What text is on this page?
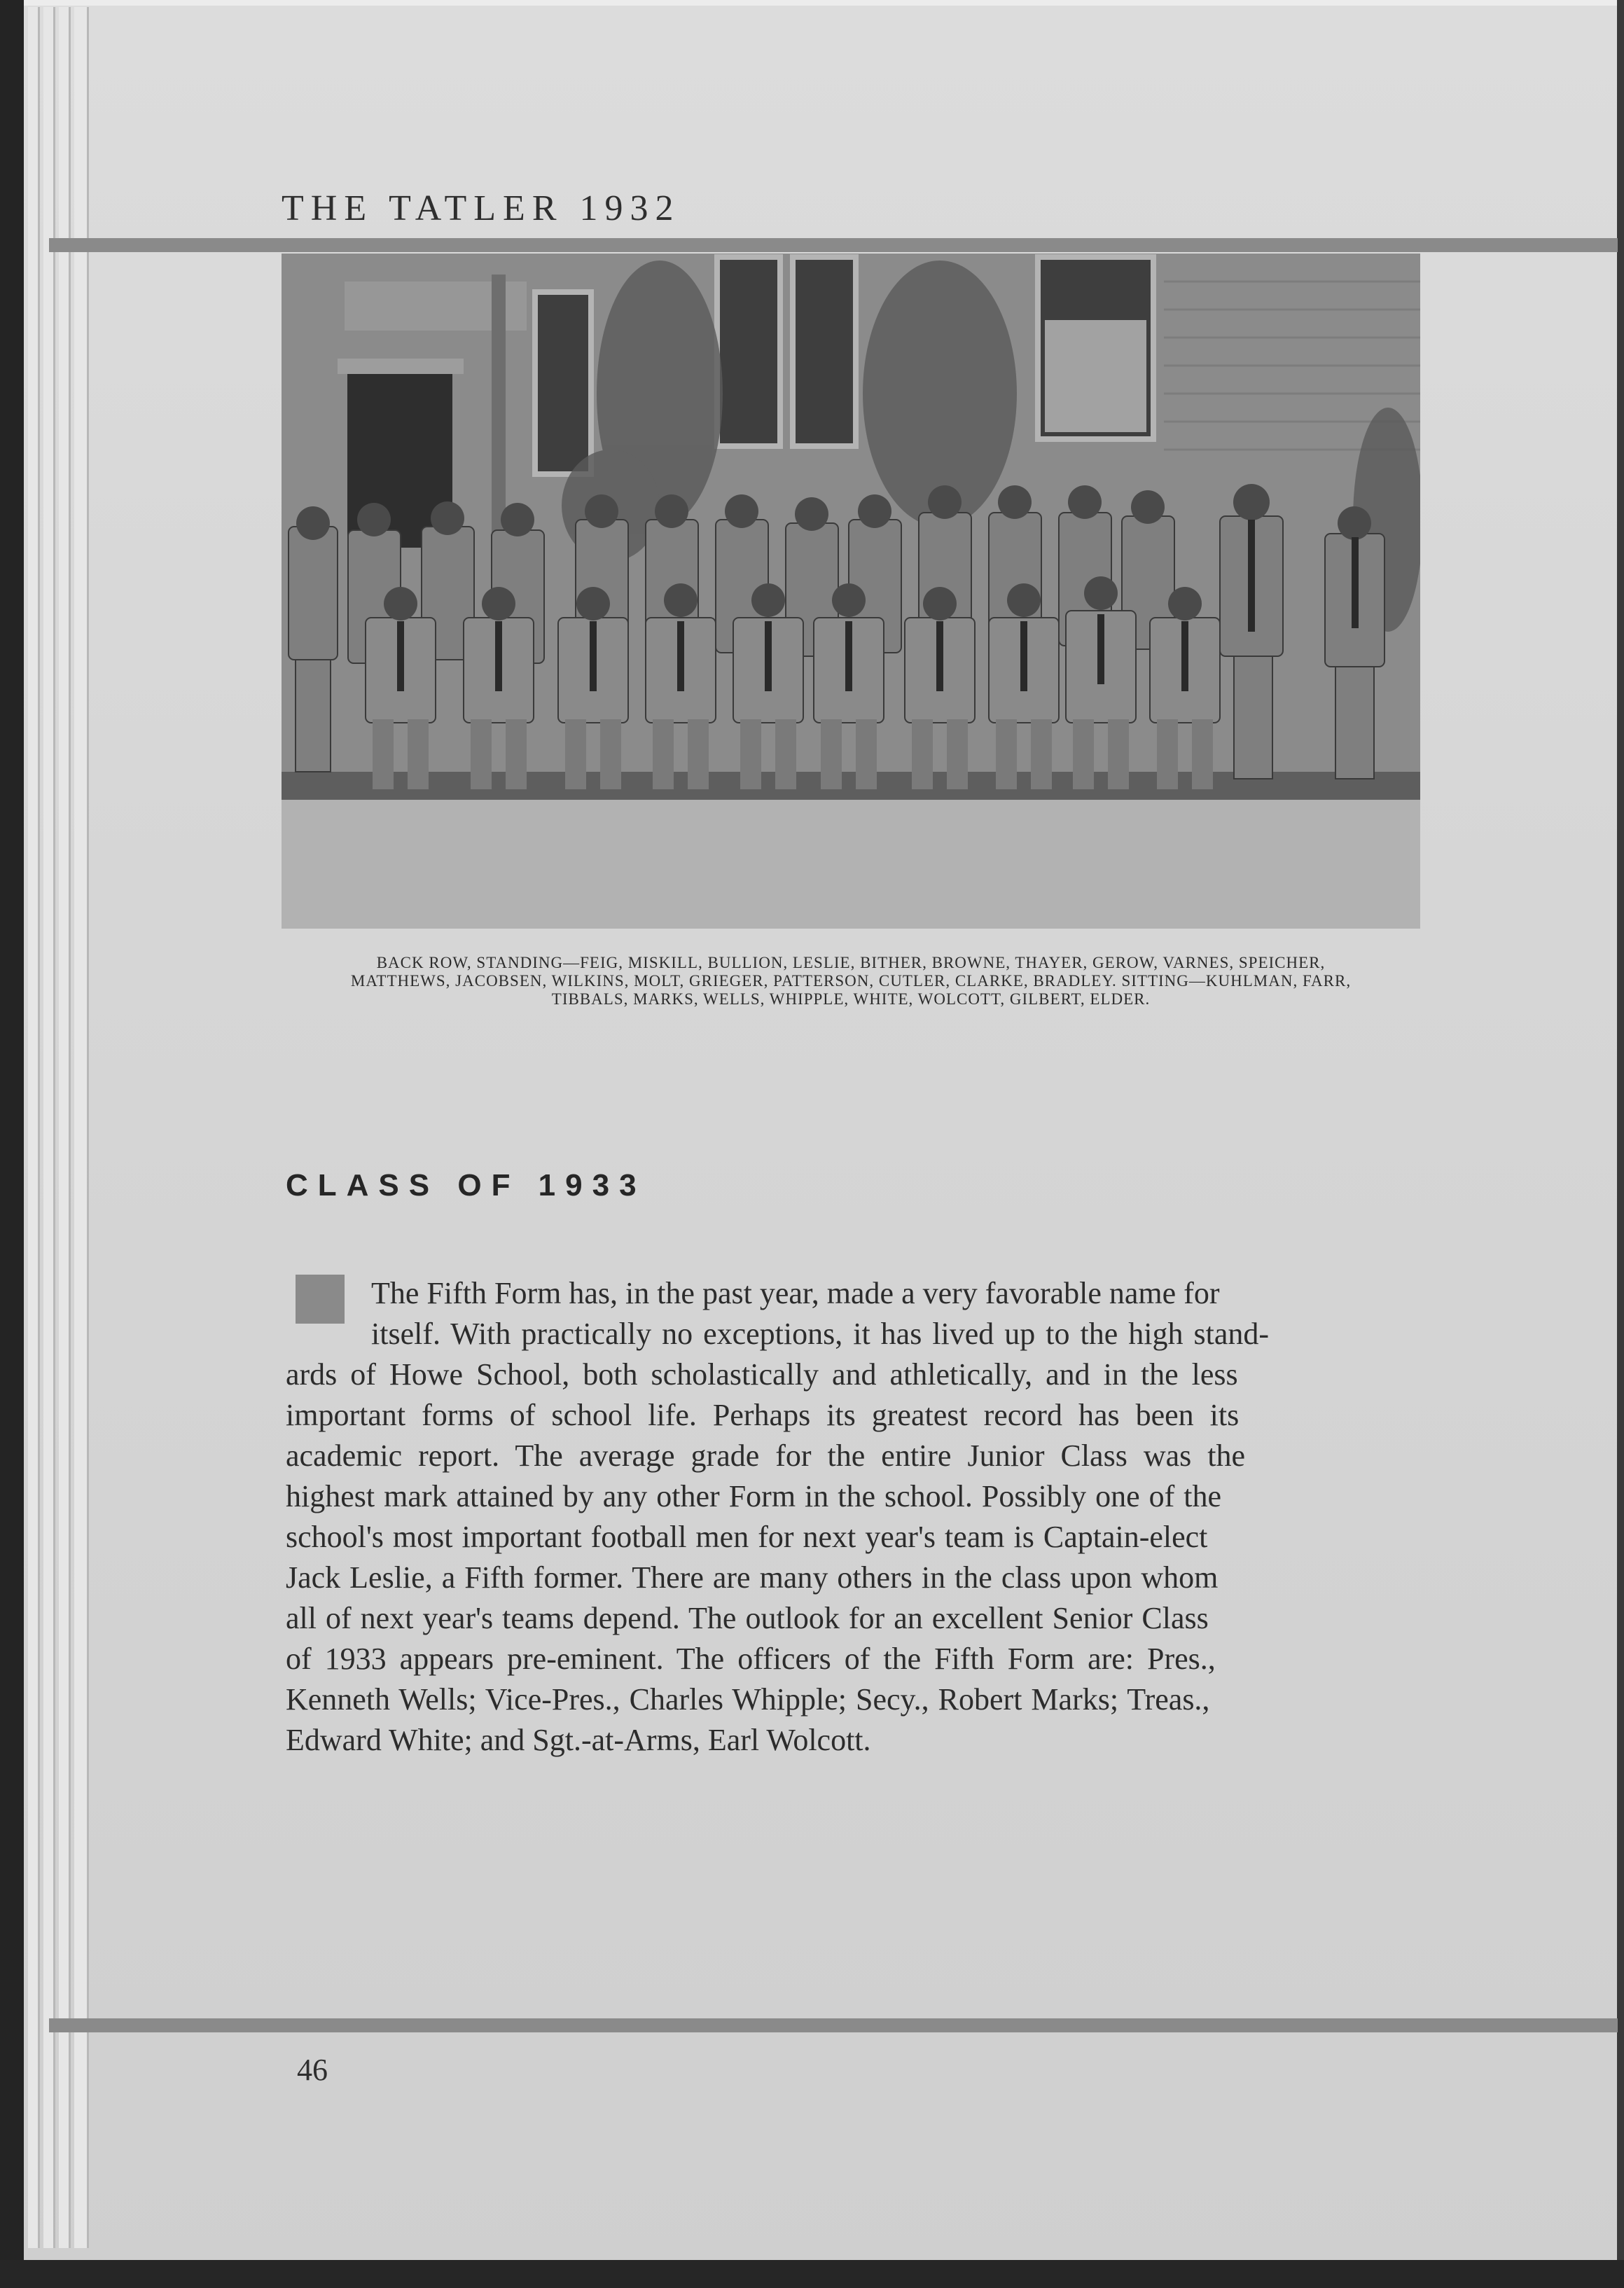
THE TATLER 1932
BACK ROW, STANDING—FEIG, MISKILL, BULLION, LESLIE, BITHER, BROWNE, THAYER, GEROW, VARNES, SPEICHER,
MATTHEWS, JACOBSEN, WILKINS, MOLT, GRIEGER, PATTERSON, CUTLER, CLARKE, BRADLEY. SITTING—KUHLMAN, FARR,
TIBBALS, MARKS, WELLS, WHIPPLE, WHITE, WOLCOTT, GILBERT, ELDER.
CLASS OF 1933
The Fifth Form has, in the past year, made a very favorable name for
itself. With practically no exceptions, it has lived up to the high stand-
ards of Howe School, both scholastically and athletically, and in the less
important forms of school life. Perhaps its greatest record has been its
academic report. The average grade for the entire Junior Class was the
highest mark attained by any other Form in the school. Possibly one of the
school's most important football men for next year's team is Captain-elect
Jack Leslie, a Fifth former. There are many others in the class upon whom
all of next year's teams depend. The outlook for an excellent Senior Class
of 1933 appears pre-eminent. The officers of the Fifth Form are: Pres.,
Kenneth Wells; Vice-Pres., Charles Whipple; Secy., Robert Marks; Treas.,
Edward White; and Sgt.-at-Arms, Earl Wolcott.
46
